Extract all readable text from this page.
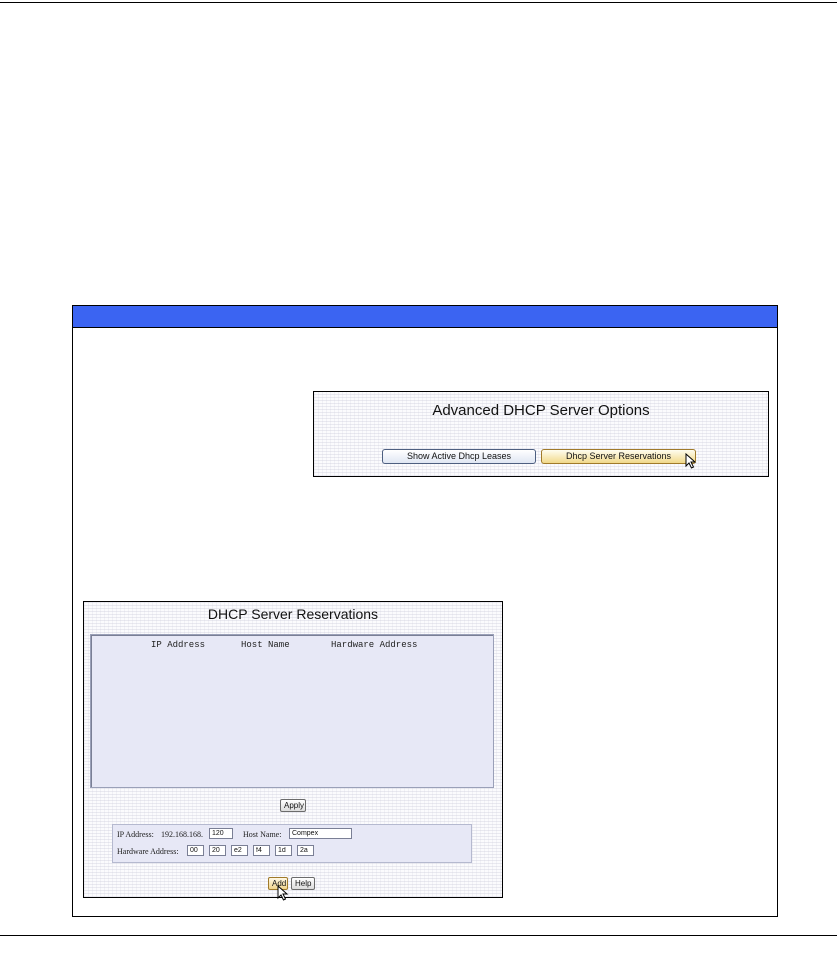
Advanced DHCP Server Options
Show Active Dhcp Leases	Dhcp Server Reservations
DHCP Server Reservations
IP Address	Host Name	Hardware Address
Apply
IP Address: 192.168.168.
120	Host Name:
Compex
Hardware Address:
00
20
e2
f4
1d
2a
Add	Help
